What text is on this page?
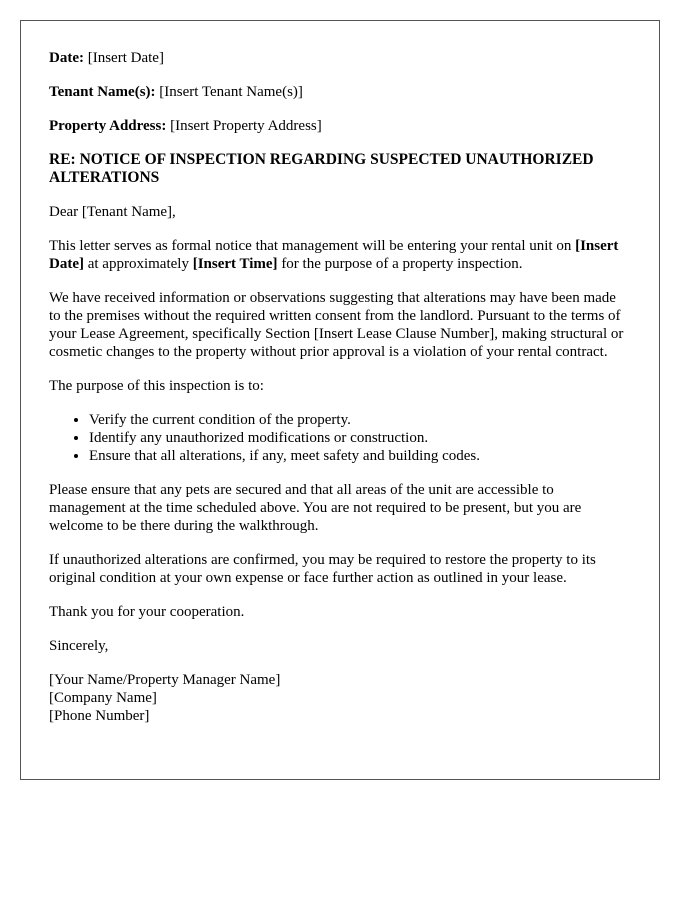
Date: [Insert Date]

Tenant Name(s): [Insert Tenant Name(s)]

Property Address: [Insert Property Address]

RE: NOTICE OF INSPECTION REGARDING SUSPECTED UNAUTHORIZED ALTERATIONS

Dear [Tenant Name],

This letter serves as formal notice that management will be entering your rental unit on [Insert Date] at approximately [Insert Time] for the purpose of a property inspection.

We have received information or observations suggesting that alterations may have been made to the premises without the required written consent from the landlord. Pursuant to the terms of your Lease Agreement, specifically Section [Insert Lease Clause Number], making structural or cosmetic changes to the property without prior approval is a violation of your rental contract.

The purpose of this inspection is to:

• Verify the current condition of the property.
• Identify any unauthorized modifications or construction.
• Ensure that all alterations, if any, meet safety and building codes.

Please ensure that any pets are secured and that all areas of the unit are accessible to management at the time scheduled above. You are not required to be present, but you are welcome to be there during the walkthrough.

If unauthorized alterations are confirmed, you may be required to restore the property to its original condition at your own expense or face further action as outlined in your lease.

Thank you for your cooperation.

Sincerely,

[Your Name/Property Manager Name]

[Company Name]

[Phone Number]
